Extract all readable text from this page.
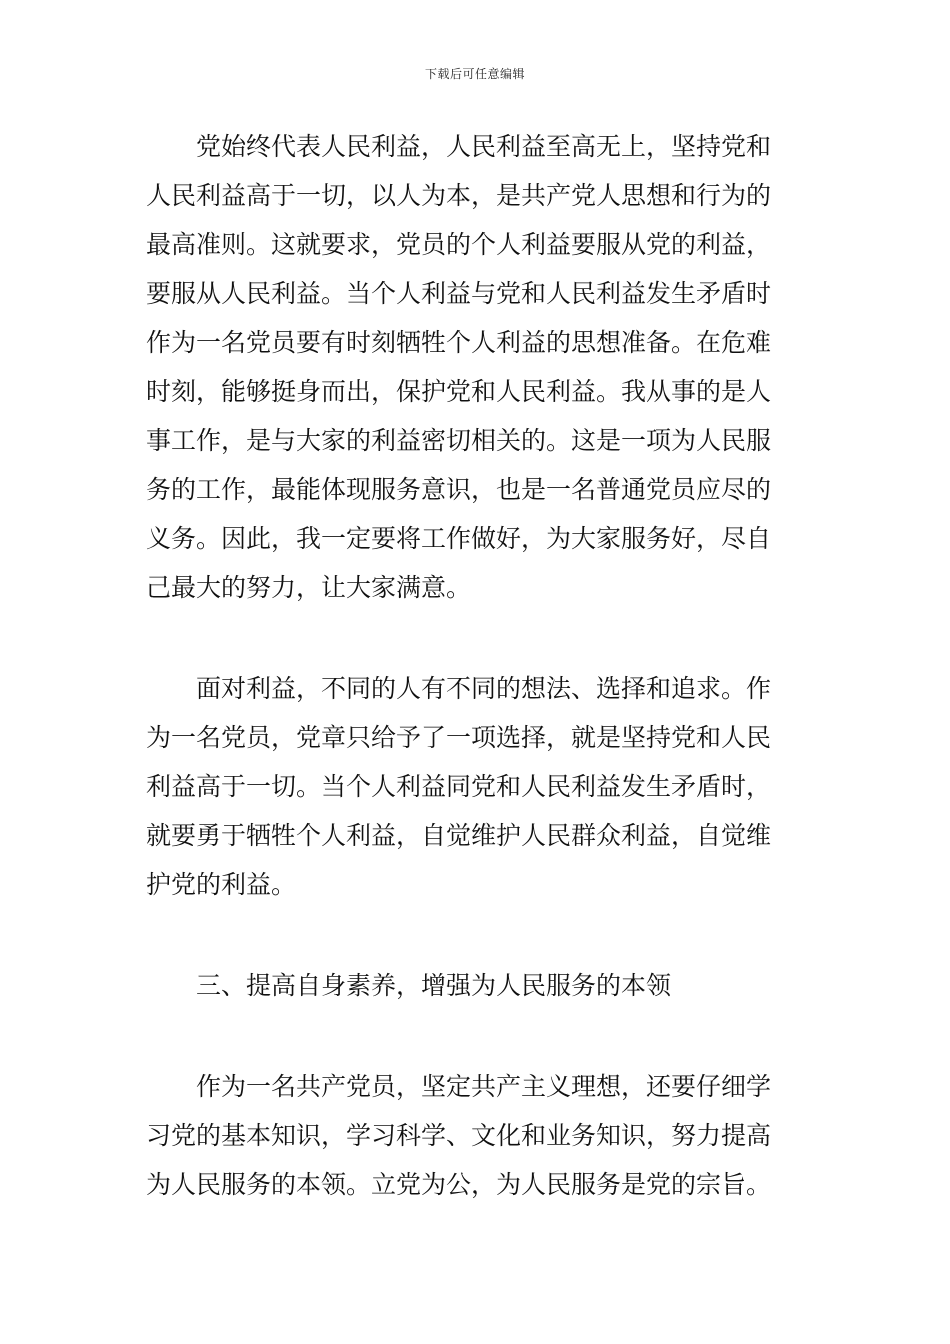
下载后可任意编辑
党始终代表人民利益，人民利益至高无上，坚持党和
人民利益高于一切，以人为本，是共产党人思想和行为的
最高准则。这就要求，党员的个人利益要服从党的利益，
要服从人民利益。当个人利益与党和人民利益发生矛盾时
作为一名党员要有时刻牺牲个人利益的思想准备。在危难
时刻，能够挺身而出，保护党和人民利益。我从事的是人
事工作，是与大家的利益密切相关的。这是一项为人民服
务的工作，最能体现服务意识，也是一名普通党员应尽的
义务。因此，我一定要将工作做好，为大家服务好，尽自
己最大的努力，让大家满意。
面对利益，不同的人有不同的想法、选择和追求。作
为一名党员，党章只给予了一项选择，就是坚持党和人民
利益高于一切。当个人利益同党和人民利益发生矛盾时，
就要勇于牺牲个人利益，自觉维护人民群众利益，自觉维
护党的利益。
三、提高自身素养，增强为人民服务的本领
作为一名共产党员，坚定共产主义理想，还要仔细学
习党的基本知识，学习科学、文化和业务知识，努力提高
为人民服务的本领。立党为公，为人民服务是党的宗旨。
